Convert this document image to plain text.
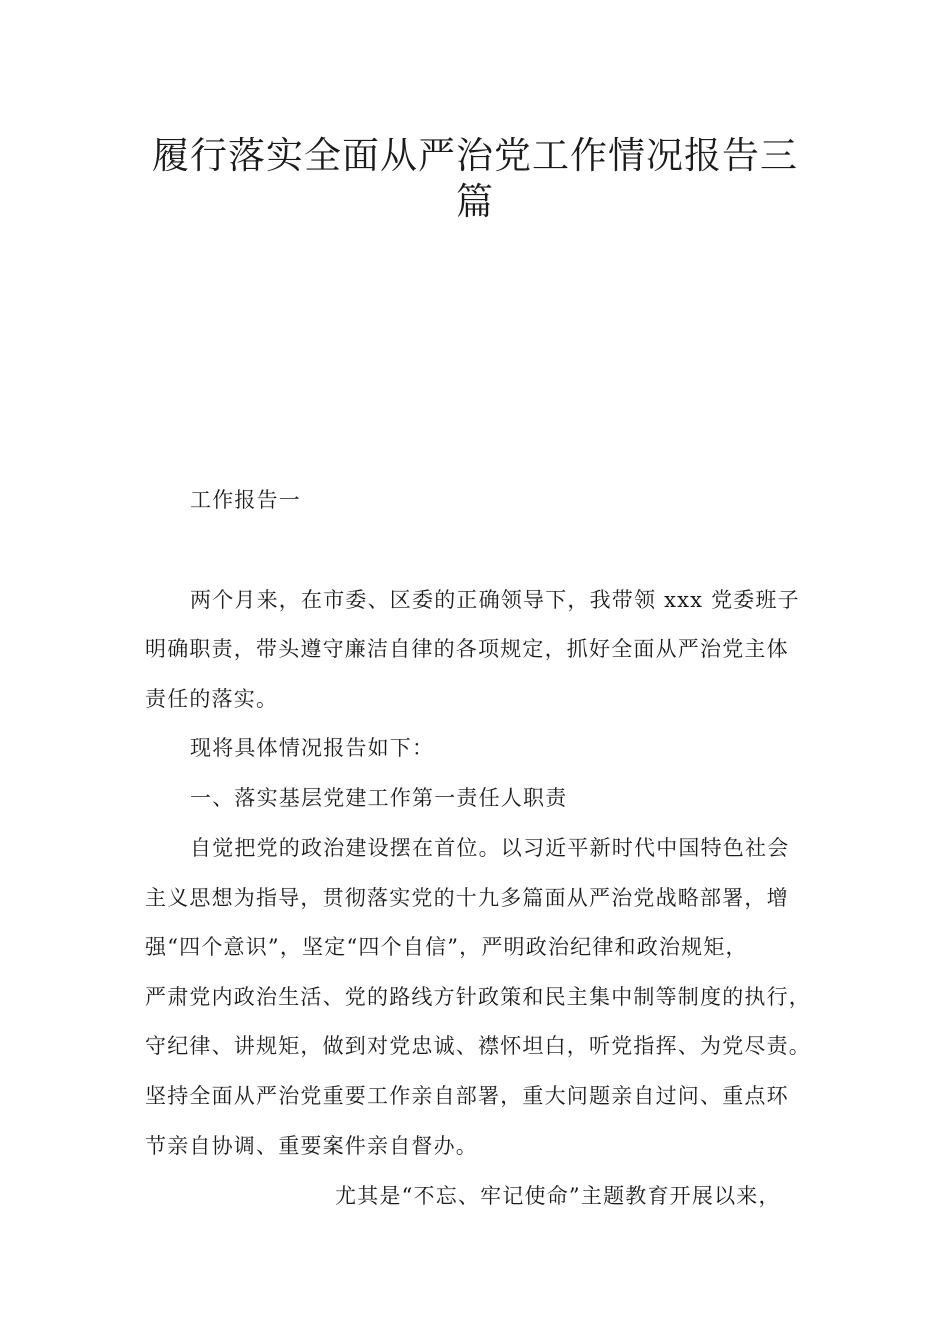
履行落实全面从严治党工作情况报告三
篇
工作报告一
两个月来，在市委、区委的正确领导下，我带领 xxx 党委班子
明确职责，带头遵守廉洁自律的各项规定，抓好全面从严治党主体
责任的落实。
现将具体情况报告如下：
一、落实基层党建工作第一责任人职责
自觉把党的政治建设摆在首位。以习近平新时代中国特色社会
主义思想为指导，贯彻落实党的十九多篇面从严治党战略部署，增
强“四个意识”，坚定“四个自信”，严明政治纪律和政治规矩，
严肃党内政治生活、党的路线方针政策和民主集中制等制度的执行，
守纪律、讲规矩，做到对党忠诚、襟怀坦白，听党指挥、为党尽责。
坚持全面从严治党重要工作亲自部署，重大问题亲自过问、重点环
节亲自协调、重要案件亲自督办。
尤其是“不忘、牢记使命”主题教育开展以来，
